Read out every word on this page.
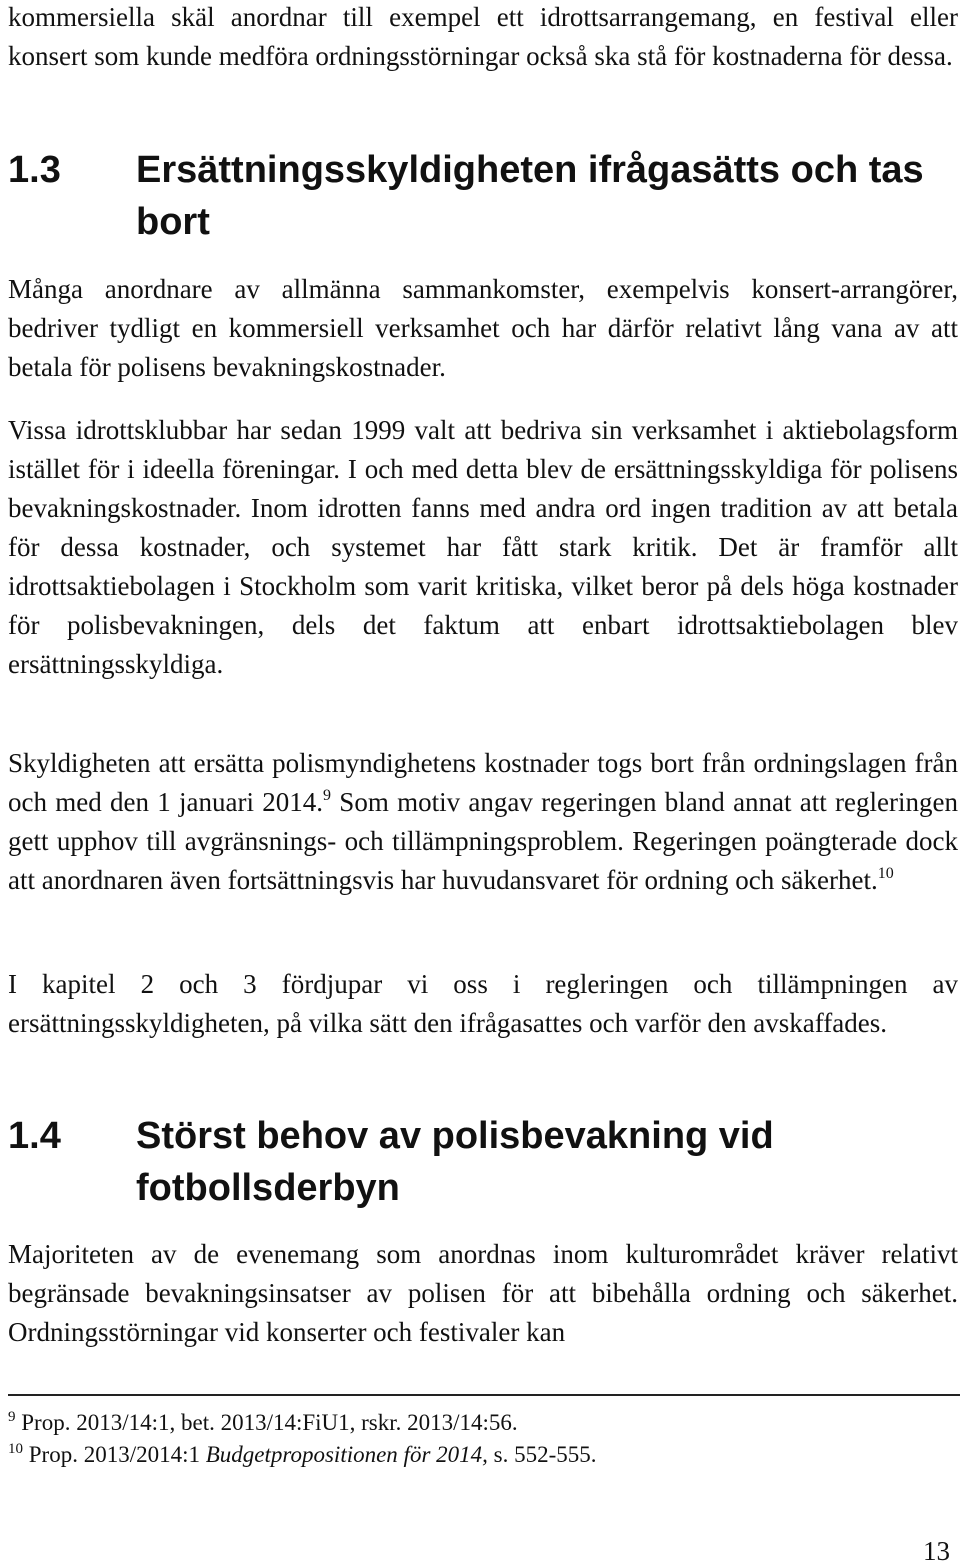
kommersiella skäl anordnar till exempel ett idrottsarrangemang, en festival eller konsert som kunde medföra ordningsstörningar också ska stå för kostnaderna för dessa.

1.3 Ersättningsskyldigheten ifrågasätts och tas bort

Många anordnare av allmänna sammankomster, exempelvis konsert-arrangörer, bedriver tydligt en kommersiell verksamhet och har därför relativt lång vana av att betala för polisens bevakningskostnader.

Vissa idrottsklubbar har sedan 1999 valt att bedriva sin verksamhet i aktiebolagsform istället för i ideella föreningar. I och med detta blev de ersättningsskyldiga för polisens bevakningskostnader. Inom idrotten fanns med andra ord ingen tradition av att betala för dessa kostnader, och systemet har fått stark kritik. Det är framför allt idrottsaktiebolagen i Stockholm som varit kritiska, vilket beror på dels höga kostnader för polisbevakningen, dels det faktum att enbart idrottsaktiebolagen blev ersättningsskyldiga.

Skyldigheten att ersätta polismyndighetens kostnader togs bort från ordningslagen från och med den 1 januari 2014.$^9$ Som motiv angav regeringen bland annat att regleringen gett upphov till avgränsnings- och tillämpningsproblem. Regeringen poängterade dock att anordnaren även fortsättningsvis har huvudansvaret för ordning och säkerhet.$^{10}$

I kapitel 2 och 3 fördjupar vi oss i regleringen och tillämpningen av ersättningsskyldigheten, på vilka sätt den ifrågasattes och varför den avskaffades.

1.4 Störst behov av polisbevakning vid fotbollsderbyn

Majoriteten av de evenemang som anordnas inom kulturområdet kräver relativt begränsade bevakningsinsatser av polisen för att bibehålla ordning och säkerhet. Ordningsstörningar vid konserter och festivaler kan

$^9$ Prop. 2013/14:1, bet. 2013/14:FiU1, rskr. 2013/14:56.
$^{10}$ Prop. 2013/2014:1 Budgetpropositionen för 2014, s. 552-555.
13
